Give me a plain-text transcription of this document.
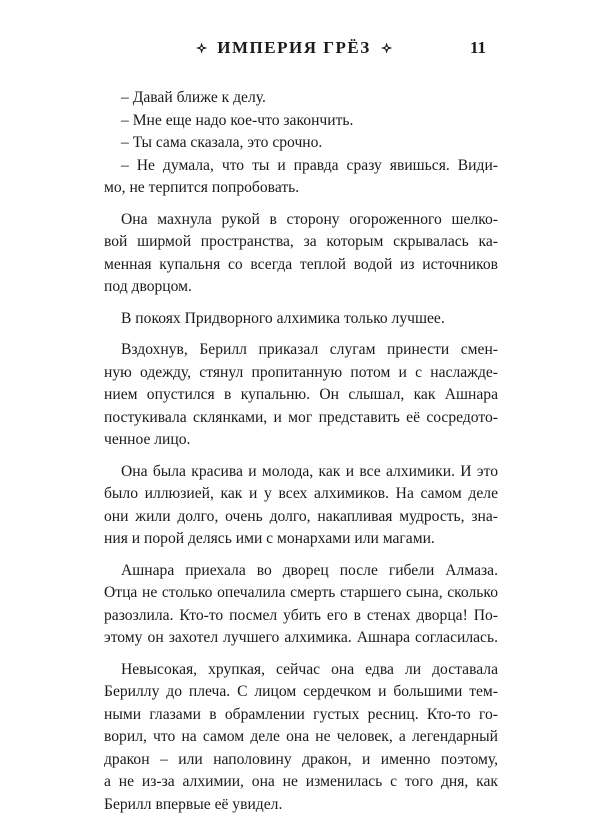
ИМПЕРИЯ ГРЁЗ	11
– Давай ближе к делу.
– Мне еще надо кое-что закончить.
– Ты сама сказала, это срочно.
– Не думала, что ты и правда сразу явишься. Види-
мо, не терпится попробовать.
Она махнула рукой в сторону огороженного шелко-
вой ширмой пространства, за которым скрывалась ка-
менная купальня со всегда теплой водой из источников
под дворцом.
В покоях Придворного алхимика только лучшее.
Вздохнув, Берилл приказал слугам принести смен-
ную одежду, стянул пропитанную потом и с наслажде-
нием опустился в купальню. Он слышал, как Ашнара
постукивала склянками, и мог представить её сосредото-
ченное лицо.
Она была красива и молода, как и все алхимики. И это
было иллюзией, как и у всех алхимиков. На самом деле
они жили долго, очень долго, накапливая мудрость, зна-
ния и порой делясь ими с монархами или магами.
Ашнара приехала во дворец после гибели Алмаза.
Отца не столько опечалила смерть старшего сына, сколько
разозлила. Кто-то посмел убить его в стенах дворца! По-
этому он захотел лучшего алхимика. Ашнара согласилась.
Невысокая, хрупкая, сейчас она едва ли доставала
Бериллу до плеча. С лицом сердечком и большими тем-
ными глазами в обрамлении густых ресниц. Кто-то го-
ворил, что на самом деле она не человек, а легендарный
дракон – или наполовину дракон, и именно поэтому,
а не из-за алхимии, она не изменилась с того дня, как
Берилл впервые её увидел.
